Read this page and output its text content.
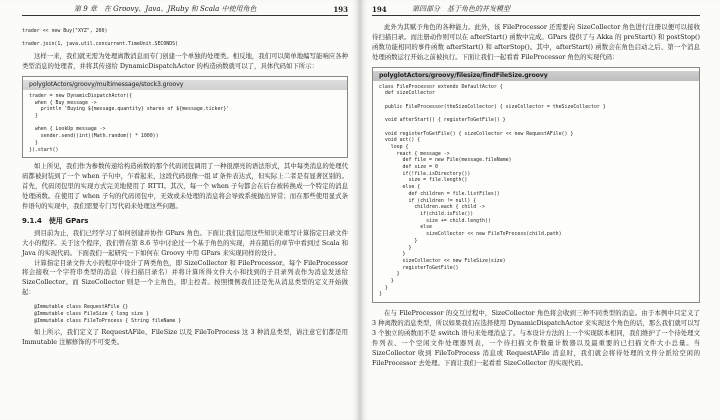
第 9 章　在 Groovy、Java、JRuby 和 Scala 中使用角色	193
trader << new Buy("XYZ", 200)

trader.join(1, java.util.concurrent.TimeUnit.SECONDS)

这样一来，我们就无需为处理离散消息而专门创建一个单独的处理类。相反地，我们可以简单地编写能响应各种类型消息的处理者，并将其传递给 DynamicDispatchActor 的构造函数就可以了，具体代码如下所示：

polyglotActors/groovy/multimessage/stock3.groovy
trader = new DynamicDispatchActor({
when { Buy message ->
println 'Buying ${message.quantity} shares of ${message.ticker}'
}

when { LookUp message ->
sender.send((int)(Math.random() * 1000))
}
}).start()

如上所见，我们作为参数传递给构造函数的那个代码闭包调用了一种很漂亮的语法形式，其中每类消息的处理代码都被封装到了一个 when 子句中，乍看起来，这段代码很像一组 if 条件表达式，但实际上二者是有显著区别的。首先，代码闭包里的实现方式完美地使用了 RTTI。其次，每一个 when 子句都会在后台被转换成一个特定的消息处理函数。在使用了 when 子句的代码闭包中，无效或未处理的消息将会导致系统抛出异常；而在那些使用显式条件语句的实现中，我们需要专门写代码来处理这些问题。

9.1.4　使用 GPars

到目前为止，我们已经学习了如何创建并协作 GPars 角色。下面让我们运用这些知识来重写计算指定目录文件大小的程序。关于这个程序，我们曾在第 8.6 节中讨论过一个基于角色的实现，并在随后的章节中看到过 Scala 和 Java 的实现代码。下面我们一起研究一下如何在 Groovy 中用 GPars 来实现同样的设计。

计算指定目录文件大小的程序中设计了两类角色，即 SizeCollector 和 FileProcessor。每个 FileProcessor 将会接收一个字符串类型的消息（待扫描目录名）并将计算所得文件大小和找到的子目录列表作为消息发送给 SizeCollector。而 SizeCollector 则是一个主角色，即主控者。按照惯例我们还是先从消息类型的定义开始做起：

@Immutable class RequestAFile {}
@Immutable class FileSize { long size }
@Immutable class FileToProcess { String fileName }

如上所示，我们定义了 RequestAFile、FileSize 以及 FileToProcess 这 3 种消息类型，请注意它们都是用 Immutable 注解修饰的不可变类。

194	第四部分　基于角色的并发模型

此外为其赋予角色的各种能力。此外，该 FileProcessor 还需要向 SizeCollector 角色进行注册以便可以接收待扫描目录。而注册动作则可以在 afterStart() 函数中完成。GPars 提供了与 Akka 的 preStart() 和 postStop() 函数功能相同的事件函数 afterStart() 和 afterStop()。其中，afterStart() 函数会在角色启动之后、第一个消息处理函数运行开始之前被执行。下面让我们一起看看 FileProcessor 角色的实现代码：

polyglotActors/groovy/filesize/findFileSize.groovy
class FileProcessor extends DefaultActor {
def sizeCollector

public FileProcessor(theSizeCollector) { sizeCollector = theSizeCollector }

void afterStart() { registerToGetFile() }

void registerToGetFile() { sizeCollector << new RequestAFile() }
void act() {
loop {
react { message ->
def file = new File(message.fileName)
def size = 0
if(!file.isDirectory())
size = file.length()
else {
def children = file.listFiles()
if (children != null) {
children.each { child ->
if(child.isFile())
size += child.length()
else
sizeCollector << new FileToProcess(child.path)
}
}
}
sizeCollector << new FileSize(size)
registerToGetFile()
}
}
}
}

在与 FileProcessor 的交互过程中，SizeCollector 角色将会收到三种不同类型的消息。由于本例中只定义了 3 种离散的消息类型，所以如果我们在选择使用 DynamicDispatchActor 来实现这个角色的话，那么我们就可以写 3 个独立的函数而不是 switch 语句来处理消息了。与本设计方法的上一个实现版本相同，我们维护了一个待处理文件列表、一个空闲文件处理器列表，一个待扫描文件数量计数器以及最重要的已扫描文件大小总量。当 SizeCollector 收到 FileToProcess 消息或 RequestAFile 消息时，我们就会将待处理的文件分派给空闲的 FileProcessor 去处理。下面让我们一起看看 SizeCollector 的实现代码。
